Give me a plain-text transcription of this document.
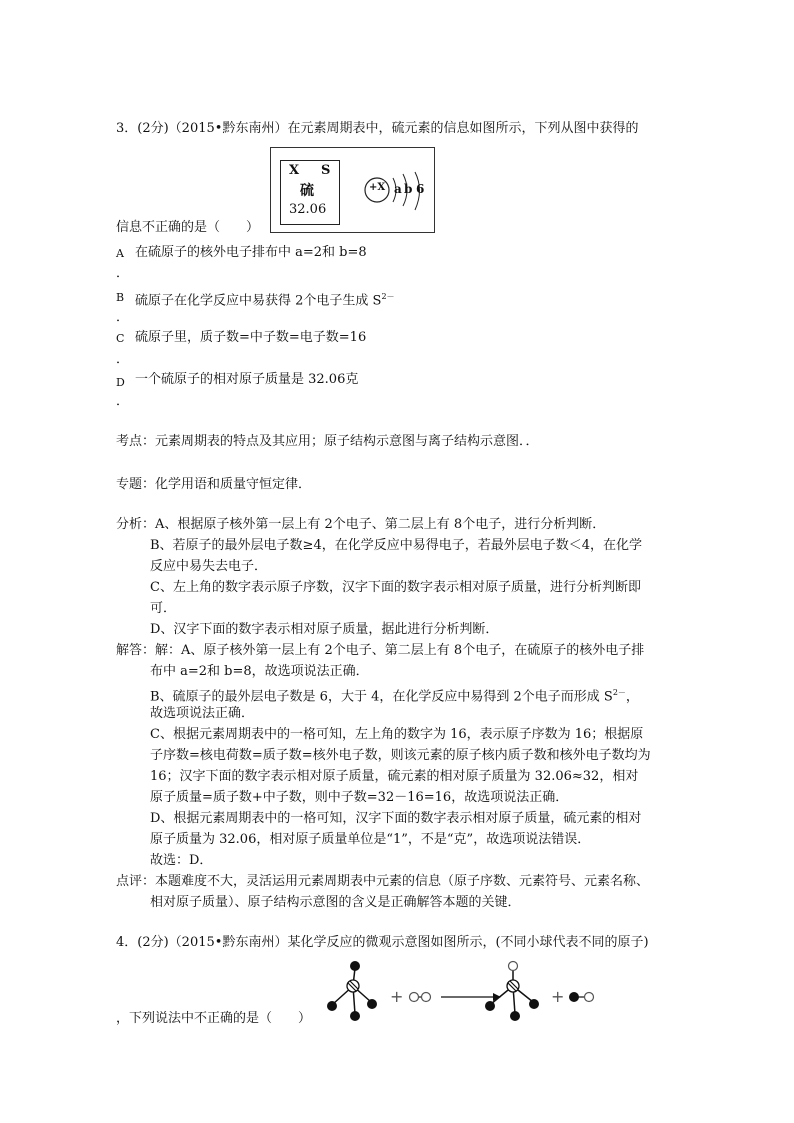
3．(2分)（2015•黔东南州）在元素周期表中，硫元素的信息如图所示，下列从图中获得的
X S
硫
32.06
+X a b 6
信息不正确的是（　　）
A 在硫原子的核外电子排布中 a=2和 b=8
．
B 硫原子在化学反应中易获得 2个电子生成 $S^{2-}$
．
C 硫原子里，质子数=中子数=电子数=16
．
D 一个硫原子的相对原子质量是 32.06克
．
考点：元素周期表的特点及其应用；原子结构示意图与离子结构示意图．．
专题：化学用语和质量守恒定律．
分析：A、根据原子核外第一层上有 2个电子、第二层上有 8个电子，进行分析判断．
B、若原子的最外层电子数≥4，在化学反应中易得电子，若最外层电子数＜4，在化学
反应中易失去电子．
C、左上角的数字表示原子序数，汉字下面的数字表示相对原子质量，进行分析判断即
可．
D、汉字下面的数字表示相对原子质量，据此进行分析判断．
解答：解：A、原子核外第一层上有 2个电子、第二层上有 8个电子，在硫原子的核外电子排
布中 a=2和 b=8，故选项说法正确．
B、硫原子的最外层电子数是 6，大于 4，在化学反应中易得到 2个电子而形成 $S^{2-}$，
故选项说法正确．
C、根据元素周期表中的一格可知，左上角的数字为 16，表示原子序数为 16；根据原
子序数=核电荷数=质子数=核外电子数，则该元素的原子核内质子数和核外电子数均为
16；汉字下面的数字表示相对原子质量，硫元素的相对原子质量为 32.06≈32，相对
原子质量=质子数+中子数，则中子数=32－16=16，故选项说法正确．
D、根据元素周期表中的一格可知，汉字下面的数字表示相对原子质量，硫元素的相对
原子质量为 32.06，相对原子质量单位是“1”，不是“克”，故选项说法错误．
故选：D．
点评：本题难度不大，灵活运用元素周期表中元素的信息（原子序数、元素符号、元素名称、
相对原子质量）、原子结构示意图的含义是正确解答本题的关键．
4．(2分)（2015•黔东南州）某化学反应的微观示意图如图所示，(不同小球代表不同的原子)
+	+
，下列说法中不正确的是（　　）
